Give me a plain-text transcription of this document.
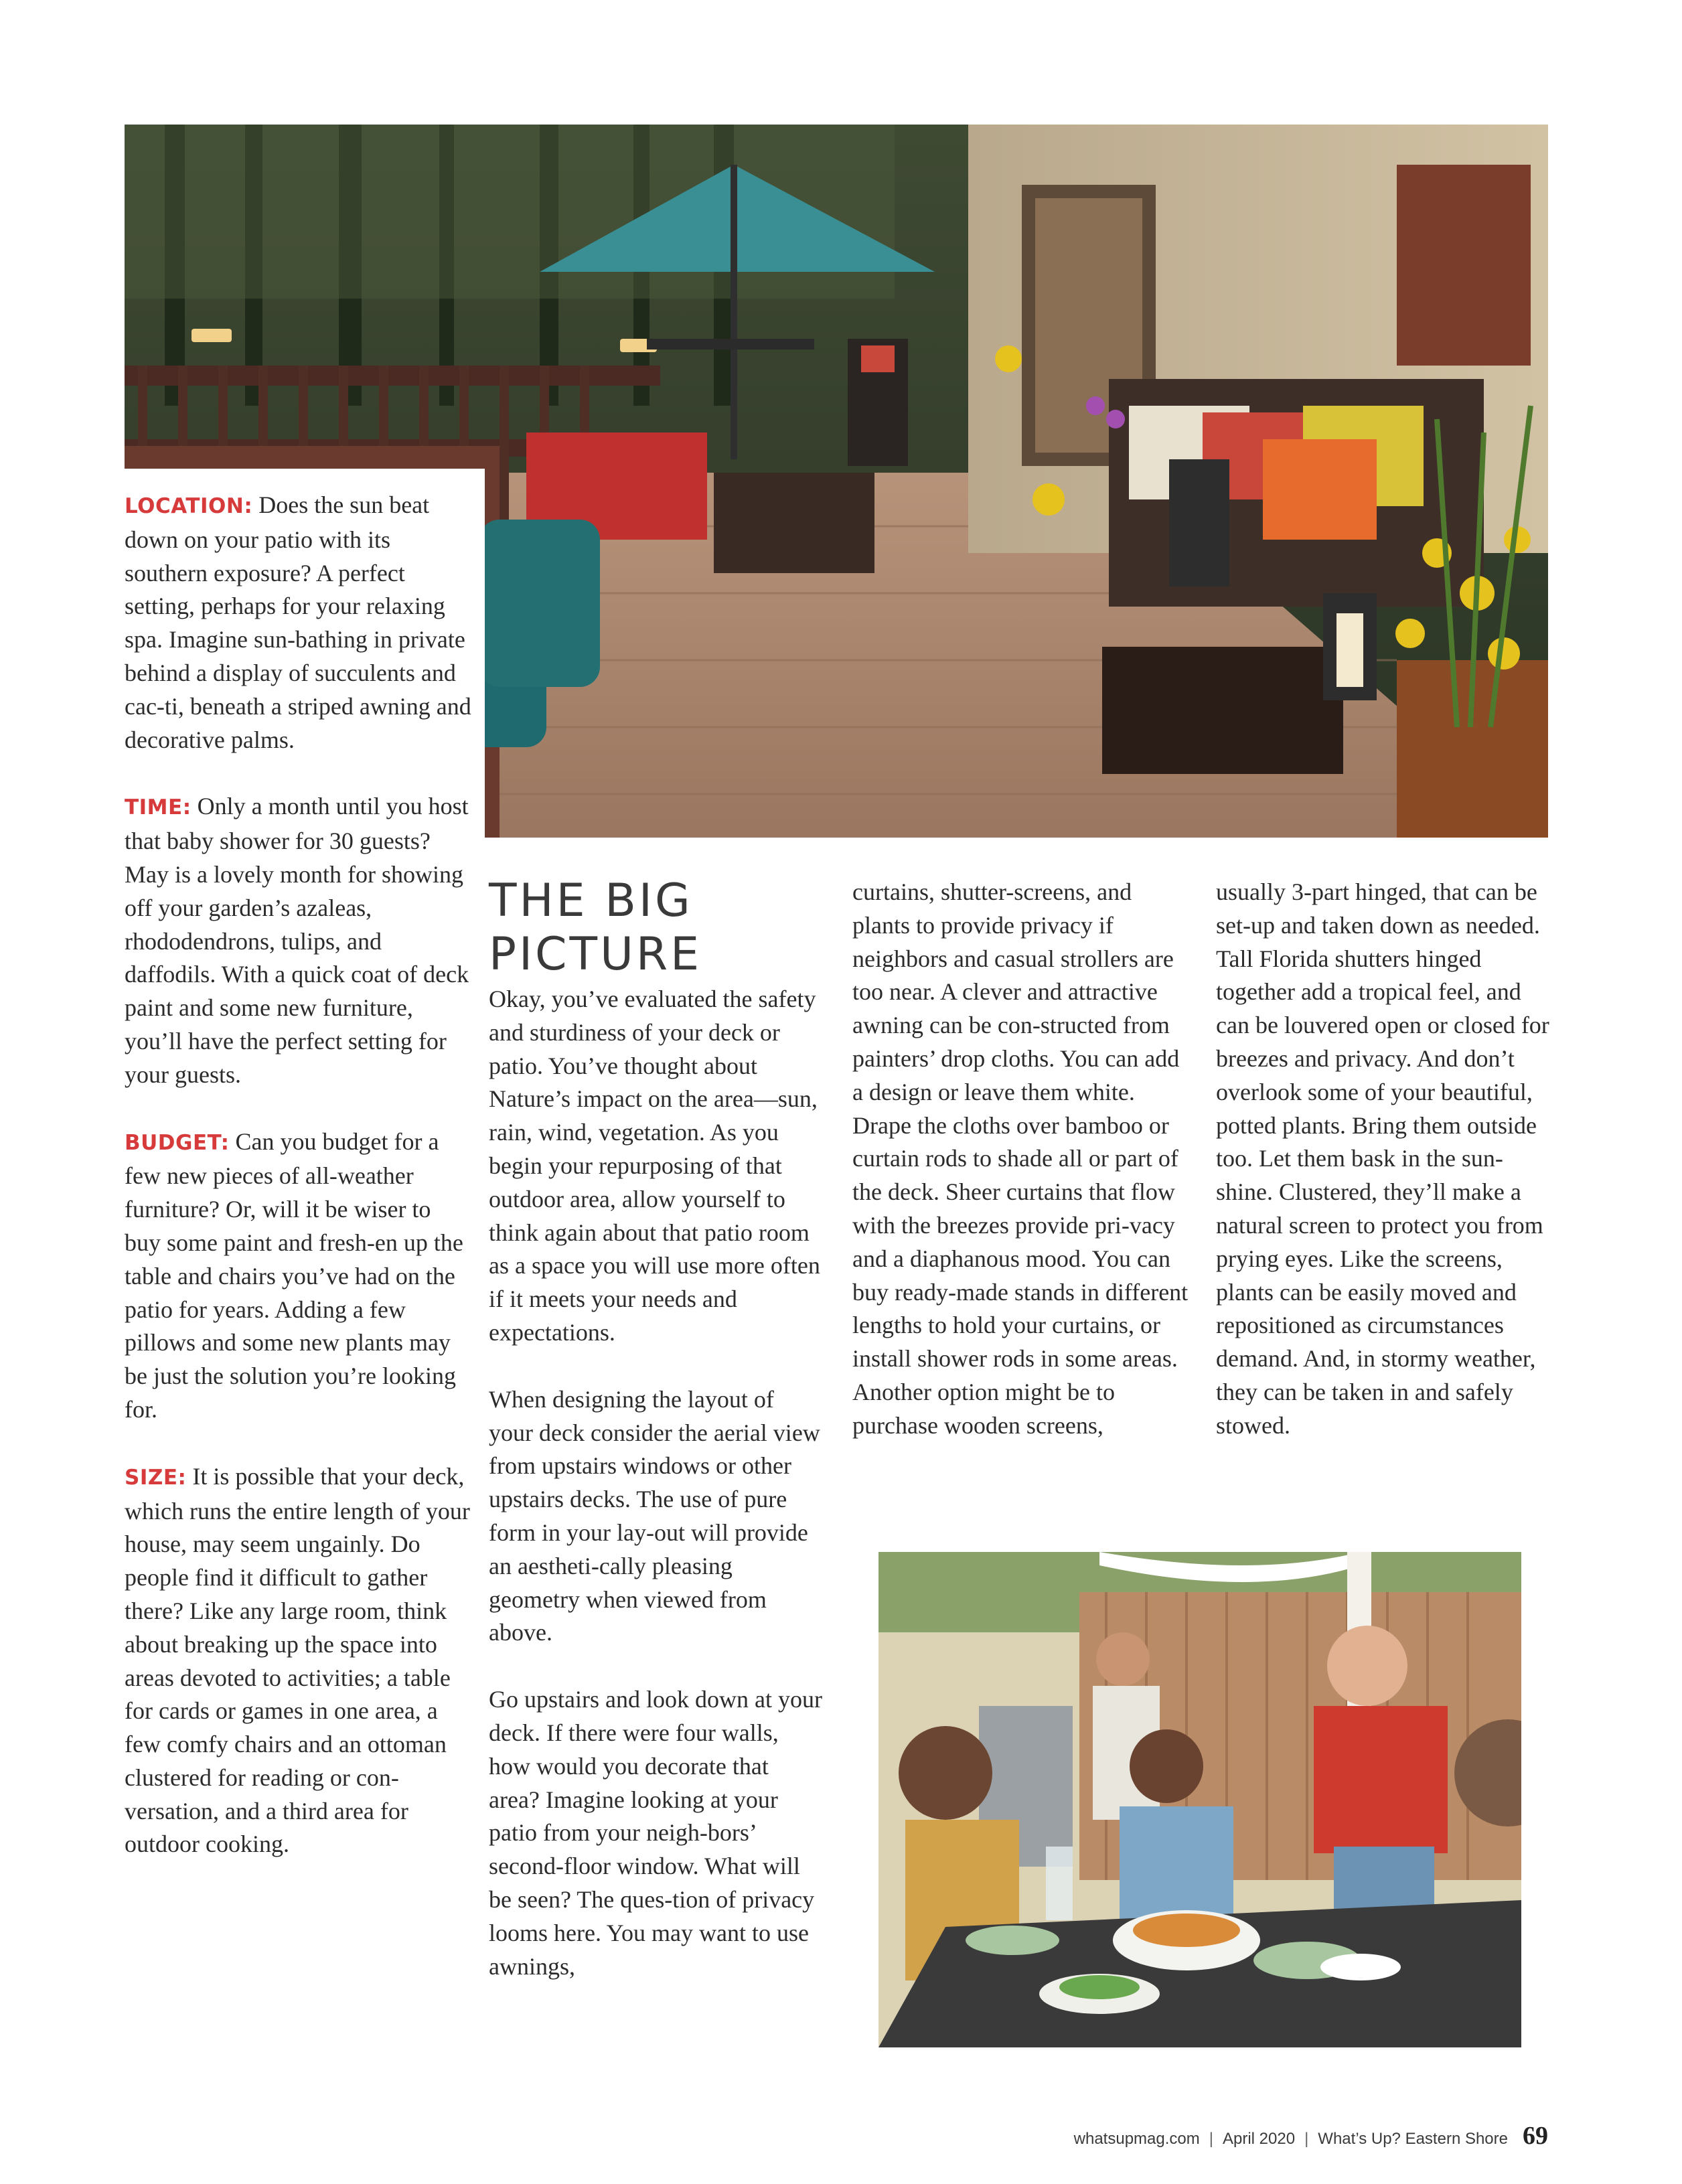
LOCATION: Does the sun beat down on your patio with its southern exposure? A perfect setting, perhaps for your relaxing spa. Imagine sun-bathing in private behind a display of succulents and cac-ti, beneath a striped awning and decorative palms.

TIME: Only a month until you host that baby shower for 30 guests? May is a lovely month for showing off your garden’s azaleas, rhododendrons, tulips, and daffodils. With a quick coat of deck paint and some new furniture, you’ll have the perfect setting for your guests.

BUDGET: Can you budget for a few new pieces of all-weather furniture? Or, will it be wiser to buy some paint and fresh-en up the table and chairs you’ve had on the patio for years. Adding a few pillows and some new plants may be just the solution you’re looking for.

SIZE: It is possible that your deck, which runs the entire length of your house, may seem ungainly. Do people find it difficult to gather there? Like any large room, think about breaking up the space into areas devoted to activities; a table for cards or games in one area, a few comfy chairs and an ottoman clustered for reading or con-versation, and a third area for outdoor cooking.

THE BIG
PICTURE

Okay, you’ve evaluated the safety and sturdiness of your deck or patio. You’ve thought about Nature’s impact on the area—sun, rain, wind, vegetation. As you begin your repurposing of that outdoor area, allow yourself to think again about that patio room as a space you will use more often if it meets your needs and expectations.

When designing the layout of your deck consider the aerial view from upstairs windows or other upstairs decks. The use of pure form in your lay-out will provide an aestheti-cally pleasing geometry when viewed from above.

Go upstairs and look down at your deck. If there were four walls, how would you decorate that area? Imagine looking at your patio from your neigh-bors’ second-floor window. What will be seen? The ques-tion of privacy looms here. You may want to use awnings,

curtains, shutter-screens, and plants to provide privacy if neighbors and casual strollers are too near. A clever and attractive awning can be con-structed from painters’ drop cloths. You can add a design or leave them white. Drape the cloths over bamboo or curtain rods to shade all or part of the deck. Sheer curtains that flow with the breezes provide pri-vacy and a diaphanous mood. You can buy ready-made stands in different lengths to hold your curtains, or install shower rods in some areas. Another option might be to purchase wooden screens,

usually 3-part hinged, that can be set-up and taken down as needed. Tall Florida shutters hinged together add a tropical feel, and can be louvered open or closed for breezes and privacy. And don’t overlook some of your beautiful, potted plants. Bring them outside too. Let them bask in the sun-shine. Clustered, they’ll make a natural screen to protect you from prying eyes. Like the screens, plants can be easily moved and repositioned as circumstances demand. And, in stormy weather, they can be taken in and safely stowed.

whatsupmag.com | April 2020 | What’s Up? Eastern Shore 69
